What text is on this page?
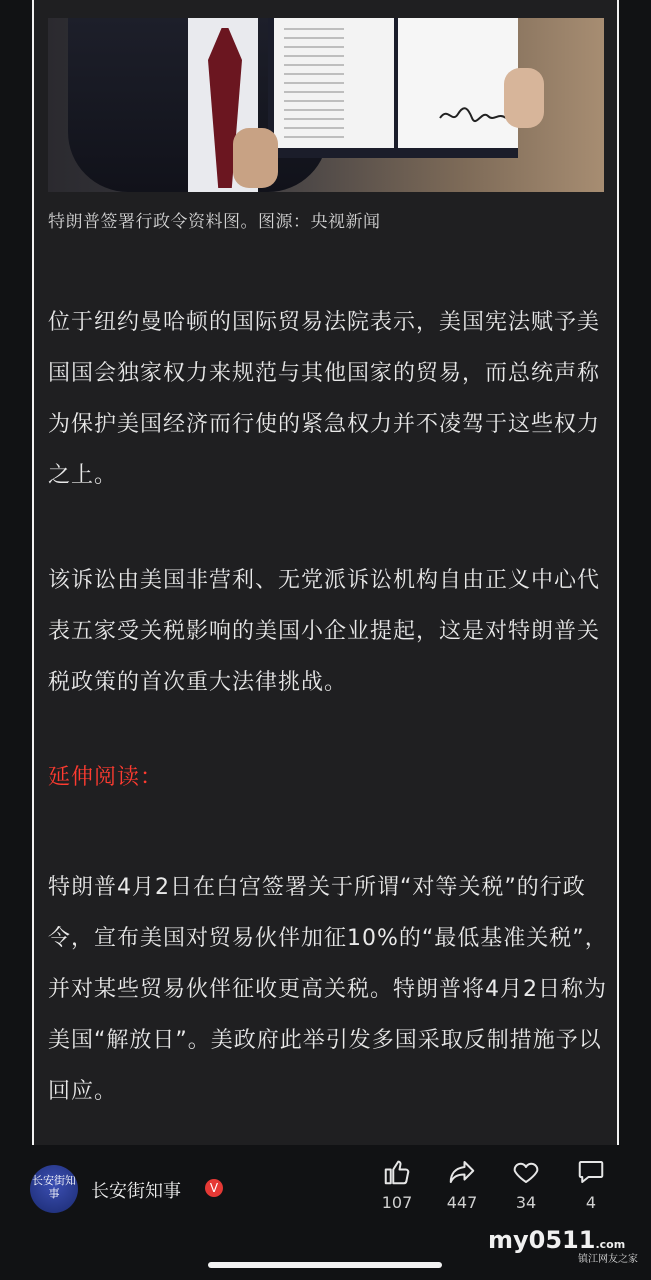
特朗普签署行政令资料图。图源：央视新闻
位于纽约曼哈顿的国际贸易法院表示，美国宪法赋予美国国会独家权力来规范与其他国家的贸易，而总统声称为保护美国经济而行使的紧急权力并不凌驾于这些权力之上。
该诉讼由美国非营利、无党派诉讼机构自由正义中心代表五家受关税影响的美国小企业提起，这是对特朗普关税政策的首次重大法律挑战。
延伸阅读：
特朗普4月2日在白宫签署关于所谓“对等关税”的行政令，宣布美国对贸易伙伴加征10%的“最低基准关税”，并对某些贸易伙伴征收更高关税。特朗普将4月2日称为美国“解放日”。美政府此举引发多国采取反制措施予以回应。
长安街知事	长安街知事	V
107	447	34	4
my0511.com
镇江网友之家
